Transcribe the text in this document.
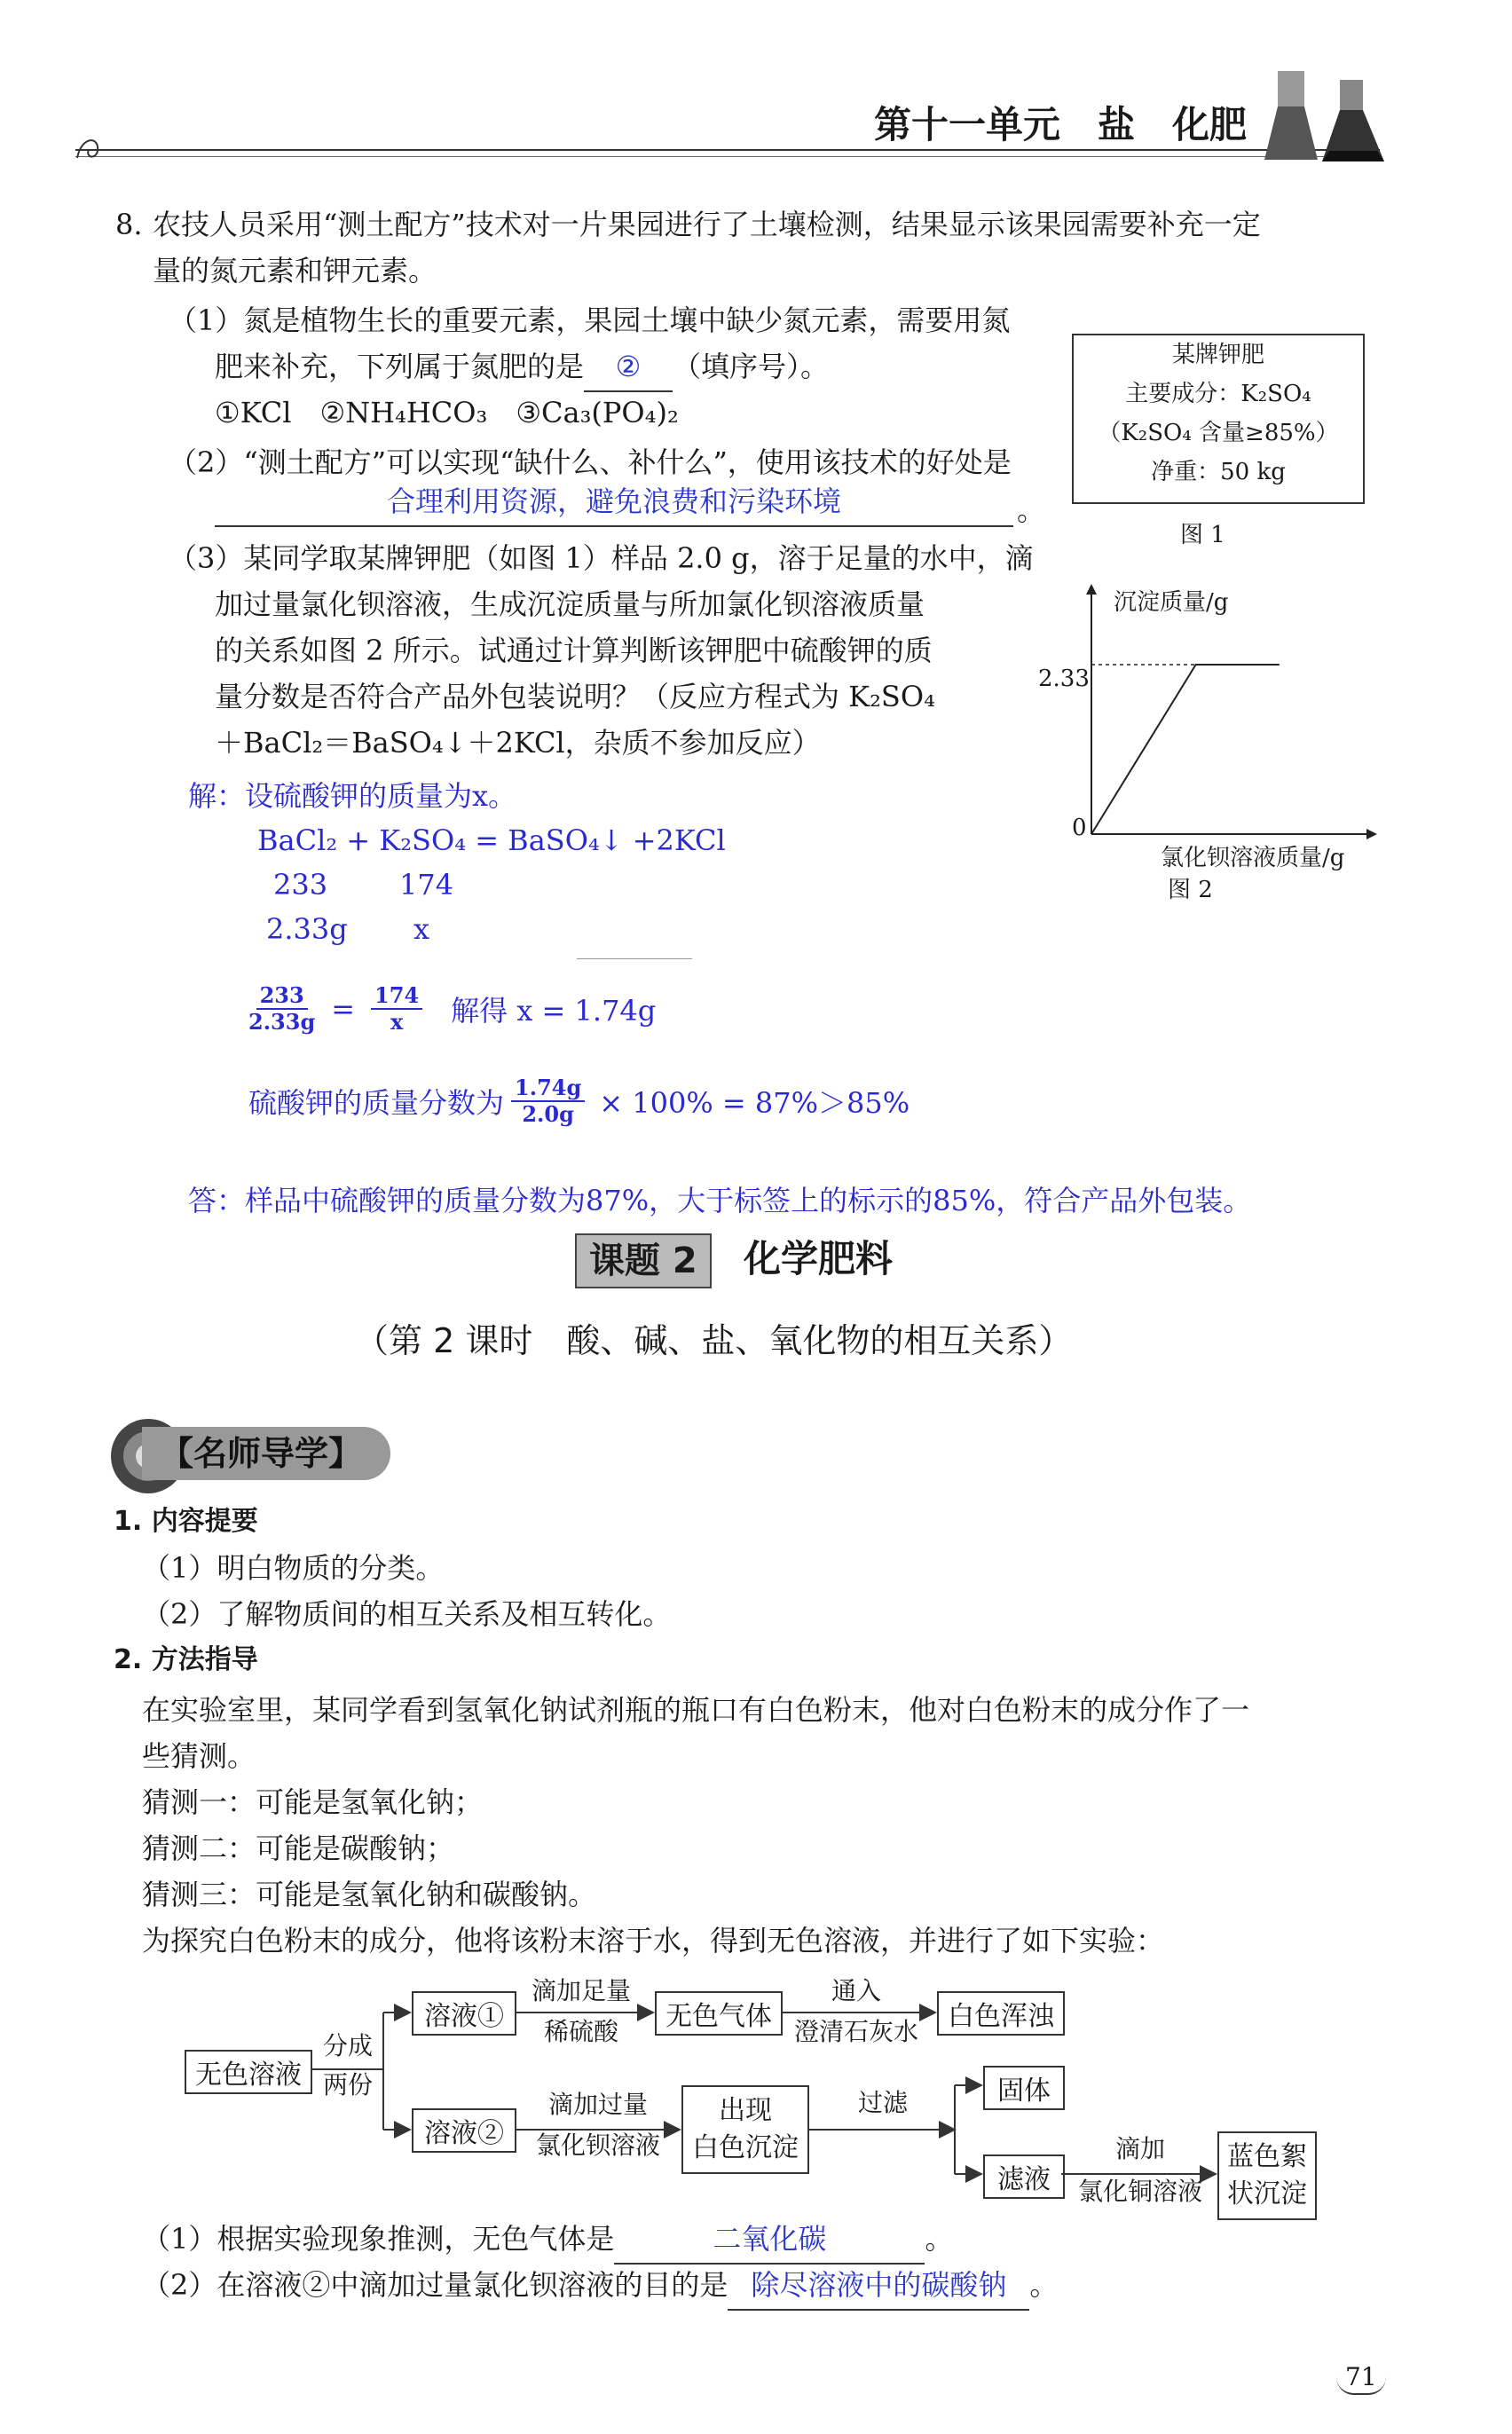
第十一单元　盐　化肥
8. 农技人员采用“测土配方”技术对一片果园进行了土壤检测，结果显示该果园需要补充一定
量的氮元素和钾元素。
（1）氮是植物生长的重要元素，果园土壤中缺少氮元素，需要用氮
肥来补充，下列属于氮肥的是 ② （填序号）。
①KCl　②NH₄HCO₃　③Ca₃(PO₄)₂
（2）“测土配方”可以实现“缺什么、补什么”，使用该技术的好处是
合理利用资源，避免浪费和污染环境	。
（3）某同学取某牌钾肥（如图 1）样品 2.0 g，溶于足量的水中，滴
加过量氯化钡溶液，生成沉淀质量与所加氯化钡溶液质量
的关系如图 2 所示。试通过计算判断该钾肥中硫酸钾的质
量分数是否符合产品外包装说明？（反应方程式为 K₂SO₄
＋BaCl₂＝BaSO₄↓＋2KCl，杂质不参加反应）
某牌钾肥
主要成分：K₂SO₄
（K₂SO₄ 含量≥85%）
净重：50 kg
图 1
沉淀质量/g
2.33
0
氯化钡溶液质量/g
图 2
解：设硫酸钾的质量为x。
BaCl₂ + K₂SO₄ = BaSO₄↓ +2KCl
233	174
2.33g x
$\frac{233}{2.33g} = \frac{174}{x}$ 解得 x = 1.74g
硫酸钾的质量分数为 $\frac{1.74g}{2.0g} \times 100\% = 87\%>85\%$
答：样品中硫酸钾的质量分数为87%，大于标签上的标示的85%，符合产品外包装。
课题 2	化学肥料
（第 2 课时　酸、碱、盐、氧化物的相互关系）
【名师导学】
1. 内容提要
（1）明白物质的分类。
（2）了解物质间的相互关系及相互转化。
2. 方法指导
在实验室里，某同学看到氢氧化钠试剂瓶的瓶口有白色粉末，他对白色粉末的成分作了一
些猜测。
猜测一：可能是氢氧化钠；
猜测二：可能是碳酸钠；
猜测三：可能是氢氧化钠和碳酸钠。
为探究白色粉末的成分，他将该粉末溶于水，得到无色溶液，并进行了如下实验：
无色溶液
分成
两份
溶液①
滴加足量
稀硫酸	无色气体
通入
澄清石灰水	白色浑浊
溶液②
滴加过量
氯化钡溶液
出现
白色沉淀
过滤	固体
滤液
滴加
氯化铜溶液
蓝色絮
状沉淀
（1）根据实验现象推测，无色气体是	二氧化碳	。
（2）在溶液②中滴加过量氯化钡溶液的目的是 除尽溶液中的碳酸钠 。
71
